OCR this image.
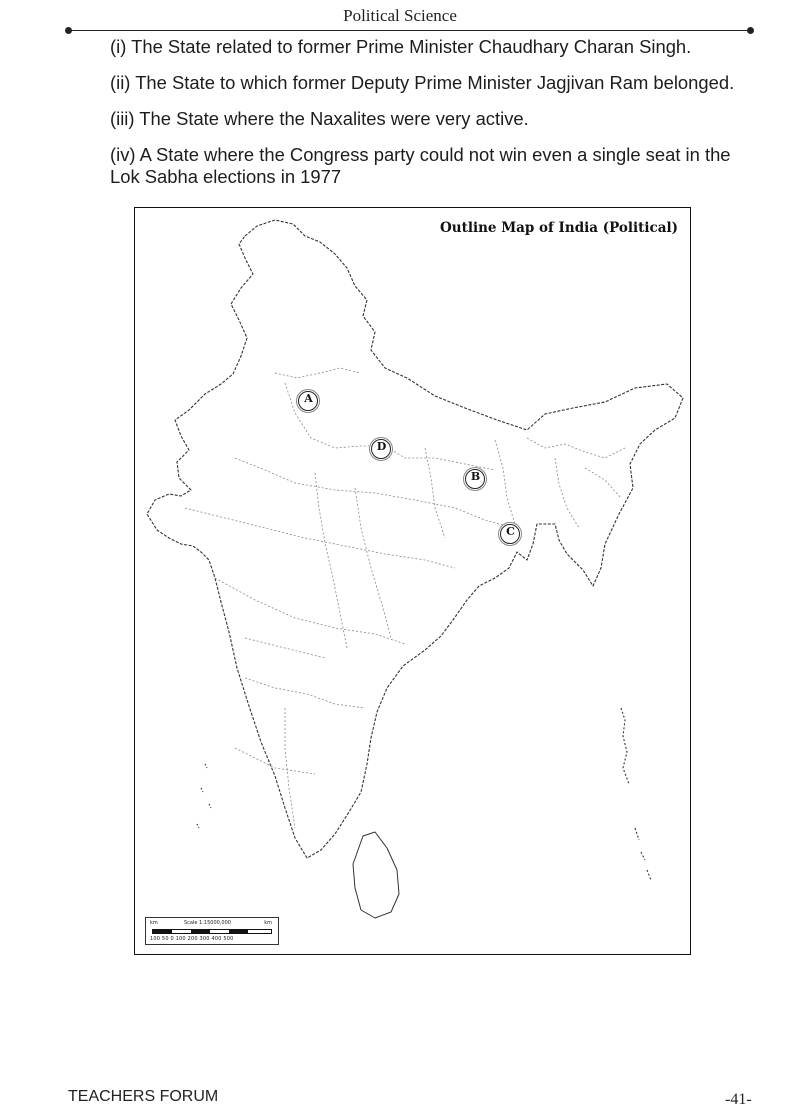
Political Science

(i) The State related to former Prime Minister Chaudhary Charan Singh.

(ii) The State to which former Deputy Prime Minister Jagjivan Ram belonged.

(iii) The State where the Naxalites were very active.

(iv) A State where the Congress party could not win even a single seat in the Lok Sabha elections in 1977

Outline Map of India (Political)
A
D
B
C
km	Scale 1:15000,000	km
100 50 0 100 200 300 400 500
TEACHERS FORUM	-41-
